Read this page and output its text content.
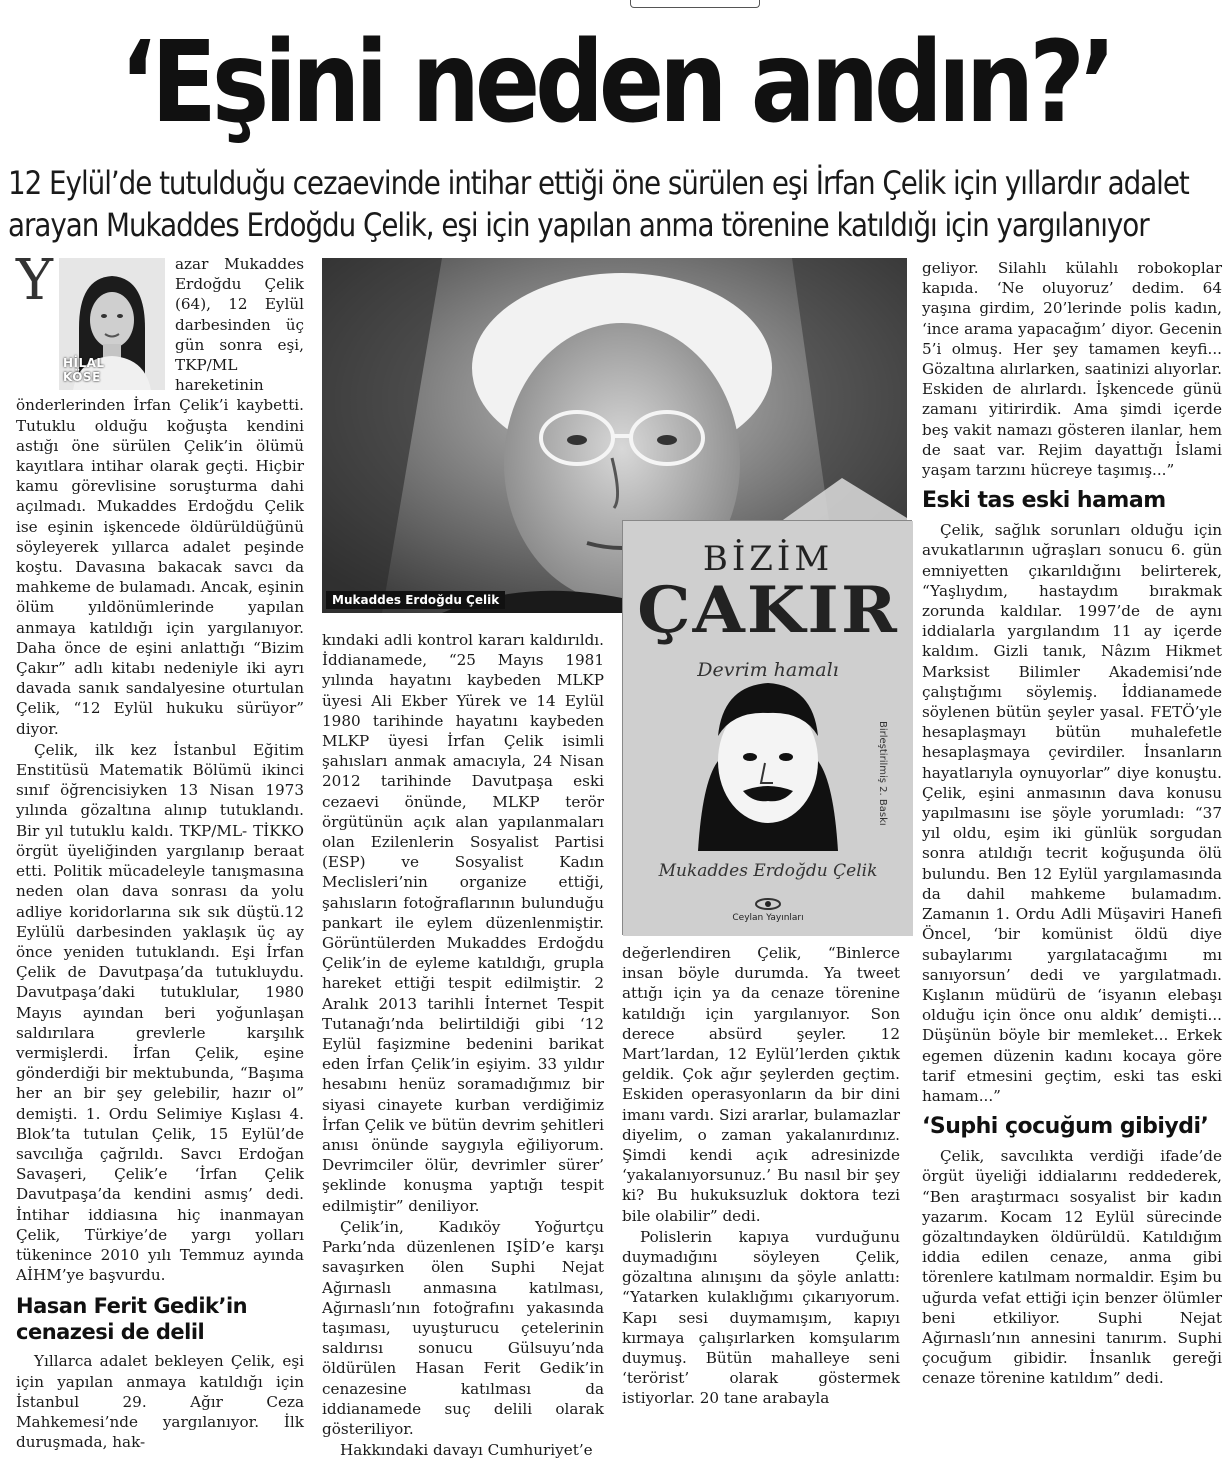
‘Eşini neden andın?’
12 Eylül’de tutulduğu cezaevinde intihar ettiği öne sürülen eşi İrfan Çelik için yıllardır adalet
arayan Mukaddes Erdoğdu Çelik, eşi için yapılan anma törenine katıldığı için yargılanıyor

Y
HİLAL
KÖSE
azar Mukaddes Erdoğdu Çelik (64), 12 Eylül darbesinden üç gün sonra eşi, TKP/ML hareketinin önderlerinden İrfan Çelik’i kaybetti. Tutuklu olduğu koğuşta kendini astığı öne sürülen Çelik’in ölümü kayıtlara intihar olarak geçti. Hiçbir kamu görevlisine soruşturma dahi açılmadı. Mukaddes Erdoğdu Çelik ise eşinin işkencede öldürüldüğünü söyleyerek yıllarca adalet peşinde koştu. Davasına bakacak savcı da mahkeme de bulamadı. Ancak, eşinin ölüm yıldönümlerinde yapılan anmaya katıldığı için yargılanıyor. Daha önce de eşini anlattığı “Bizim Çakır” adlı kitabı nedeniyle iki ayrı davada sanık sandalyesine oturtulan Çelik, “12 Eylül hukuku sürüyor” diyor.

Çelik, ilk kez İstanbul Eğitim Enstitüsü Matematik Bölümü ikinci sınıf öğrencisiyken 13 Nisan 1973 yılında gözaltına alınıp tutuklandı. Bir yıl tutuklu kaldı. TKP/ML- TİKKO örgüt üyeliğinden yargılanıp beraat etti. Politik mücadeleyle tanışmasına neden olan dava sonrası da yolu adliye koridorlarına sık sık düştü.12 Eylülü darbesinden yaklaşık üç ay önce yeniden tutuklandı. Eşi İrfan Çelik de Davutpaşa’da tutukluydu. Davutpaşa’daki tutuklular, 1980 Mayıs ayından beri yoğunlaşan saldırılara grevlerle karşılık vermişlerdi. İrfan Çelik, eşine gönderdiği bir mektubunda, “Başıma her an bir şey gelebilir, hazır ol” demişti. 1. Ordu Selimiye Kışlası 4. Blok’ta tutulan Çelik, 15 Eylül’de savcılığa çağrıldı. Savcı Erdoğan Savaşeri, Çelik’e ‘İrfan Çelik Davutpaşa’da kendini asmış’ dedi. İntihar iddiasına hiç inanmayan Çelik, Türkiye’de yargı yolları tükenince 2010 yılı Temmuz ayında AİHM’ye başvurdu.

Hasan Ferit Gedik’in cenazesi de delil

Yıllarca adalet bekleyen Çelik, eşi için yapılan anmaya katıldığı için İstanbul 29. Ağır Ceza Mahkemesi’nde yargılanıyor. İlk duruşmada, hak-

Mukaddes Erdoğdu Çelik
BİZİM
ÇAKIR
Devrim hamalı
Birleştirilmiş 2. Baskı
Mukaddes Erdoğdu Çelik
Ceylan Yayınları

kındaki adli kontrol kararı kaldırıldı. İddianamede, “25 Mayıs 1981 yılında hayatını kaybeden MLKP üyesi Ali Ekber Yürek ve 14 Eylül 1980 tarihinde hayatını kaybeden MLKP üyesi İrfan Çelik isimli şahısları anmak amacıyla, 24 Nisan 2012 tarihinde Davutpaşa eski cezaevi önünde, MLKP terör örgütünün açık alan yapılanmaları olan Ezilenlerin Sosyalist Partisi (ESP) ve Sosyalist Kadın Meclisleri’nin organize ettiği, şahısların fotoğraflarının bulunduğu pankart ile eylem düzenlenmiştir. Görüntülerden Mukaddes Erdoğdu Çelik’in de eyleme katıldığı, grupla hareket ettiği tespit edilmiştir. 2 Aralık 2013 tarihli İnternet Tespit Tutanağı’nda belirtildiği gibi ‘12 Eylül faşizmine bedenini barikat eden İrfan Çelik’in eşiyim. 33 yıldır hesabını henüz soramadığımız bir siyasi cinayete kurban verdiğimiz İrfan Çelik ve bütün devrim şehitleri anısı önünde saygıyla eğiliyorum. Devrimciler ölür, devrimler sürer’ şeklinde konuşma yaptığı tespit edilmiştir” deniliyor.

Çelik’in, Kadıköy Yoğurtçu Parkı’nda düzenlenen IŞİD’e karşı savaşırken ölen Suphi Nejat Ağırnaslı anmasına katılması, Ağırnaslı’nın fotoğrafını yakasında taşıması, uyuşturucu çetelerinin saldırısı sonucu Gülsuyu’nda öldürülen Hasan Ferit Gedik’in cenazesine katılması da iddianamede suç delili olarak gösteriliyor.

Hakkındaki davayı Cumhuriyet’e

değerlendiren Çelik, “Binlerce insan böyle durumda. Ya tweet attığı için ya da cenaze törenine katıldığı için yargılanıyor. Son derece absürd şeyler. 12 Mart’lardan, 12 Eylül’lerden çıktık geldik. Çok ağır şeylerden geçtim. Eskiden operasyonların da bir dini imanı vardı. Sizi ararlar, bulamazlar diyelim, o zaman yakalanırdınız. Şimdi kendi açık adresinizde ‘yakalanıyorsunuz.’ Bu nasıl bir şey ki? Bu hukuksuzluk doktora tezi bile olabilir” dedi.

Polislerin kapıya vurduğunu duymadığını söyleyen Çelik, gözaltına alınışını da şöyle anlattı: “Yatarken kulaklığımı çıkarıyorum. Kapı sesi duymamışım, kapıyı kırmaya çalışırlarken komşularım duymuş. Bütün mahalleye seni ‘terörist’ olarak göstermek istiyorlar. 20 tane arabayla

geliyor. Silahlı külahlı robokoplar kapıda. ‘Ne oluyoruz’ dedim. 64 yaşına girdim, 20’lerinde polis kadın, ‘ince arama yapacağım’ diyor. Gecenin 5’i olmuş. Her şey tamamen keyfi... Gözaltına alırlarken, saatinizi alıyorlar. Eskiden de alırlardı. İşkencede günü zamanı yitirirdik. Ama şimdi içerde beş vakit namazı gösteren ilanlar, hem de saat var. Rejim dayattığı İslami yaşam tarzını hücreye taşımış...”

Eski tas eski hamam

Çelik, sağlık sorunları olduğu için avukatlarının uğraşları sonucu 6. gün emniyetten çıkarıldığını belirterek, “Yaşlıydım, hastaydım bırakmak zorunda kaldılar. 1997’de de aynı iddialarla yargılandım 11 ay içerde kaldım. Gizli tanık, Nâzım Hikmet Marksist Bilimler Akademisi’nde çalıştığımı söylemiş. İddianamede söylenen bütün şeyler yasal. FETÖ’yle hesaplaşmayı bütün muhalefetle hesaplaşmaya çevirdiler. İnsanların hayatlarıyla oynuyorlar” diye konuştu. Çelik, eşini anmasının dava konusu yapılmasını ise şöyle yorumladı: “37 yıl oldu, eşim iki günlük sorgudan sonra atıldığı tecrit koğuşunda ölü bulundu. Ben 12 Eylül yargılamasında da dahil mahkeme bulamadım. Zamanın 1. Ordu Adli Müşaviri Hanefi Öncel, ‘bir komünist öldü diye subaylarımı yargılatacağımı mı sanıyorsun’ dedi ve yargılatmadı. Kışlanın müdürü de ‘isyanın elebaşı olduğu için önce onu aldık’ demişti... Düşünün böyle bir memleket... Erkek egemen düzenin kadını kocaya göre tarif etmesini geçtim, eski tas eski hamam...”

‘Suphi çocuğum gibiydi’

Çelik, savcılıkta verdiği ifade’de örgüt üyeliği iddialarını reddederek, “Ben araştırmacı sosyalist bir kadın yazarım. Kocam 12 Eylül sürecinde gözaltındayken öldürüldü. Katıldığım iddia edilen cenaze, anma gibi törenlere katılmam normaldir. Eşim bu uğurda vefat ettiği için benzer ölümler beni etkiliyor. Suphi Nejat Ağırnaslı’nın annesini tanırım. Suphi çocuğum gibidir. İnsanlık gereği cenaze törenine katıldım” dedi.
